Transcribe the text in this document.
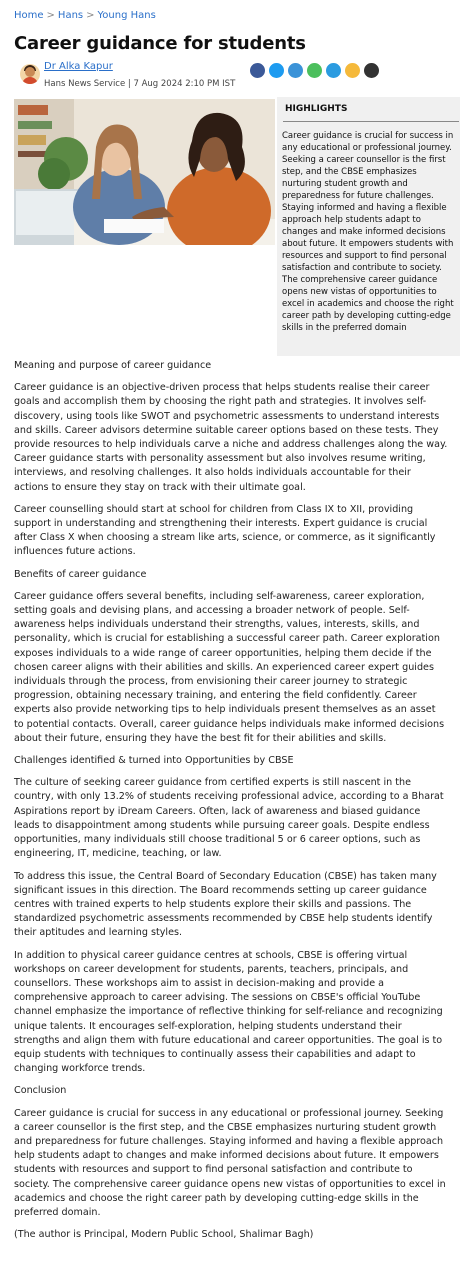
Home > Hans > Young Hans
Career guidance for students
Dr Alka Kapur
Hans News Service | 7 Aug 2024 2:10 PM IST
HIGHLIGHTS
Career guidance is crucial for success in any educational or professional journey. Seeking a career counsellor is the first step, and the CBSE emphasizes nurturing student growth and preparedness for future challenges. Staying informed and having a flexible approach help students adapt to changes and make informed decisions about future. It empowers students with resources and support to find personal satisfaction and contribute to society. The comprehensive career guidance opens new vistas of opportunities to excel in academics and choose the right career path by developing cutting-edge skills in the preferred domain
Meaning and purpose of career guidance

Career guidance is an objective-driven process that helps students realise their career goals and accomplish them by choosing the right path and strategies. It involves self-discovery, using tools like SWOT and psychometric assessments to understand interests and skills. Career advisors determine suitable career options based on these tests. They provide resources to help individuals carve a niche and address challenges along the way. Career guidance starts with personality assessment but also involves resume writing, interviews, and resolving challenges. It also holds individuals accountable for their actions to ensure they stay on track with their ultimate goal.

Career counselling should start at school for children from Class IX to XII, providing support in understanding and strengthening their interests. Expert guidance is crucial after Class X when choosing a stream like arts, science, or commerce, as it significantly influences future actions.

Benefits of career guidance

Career guidance offers several benefits, including self-awareness, career exploration, setting goals and devising plans, and accessing a broader network of people. Self-awareness helps individuals understand their strengths, values, interests, skills, and personality, which is crucial for establishing a successful career path. Career exploration exposes individuals to a wide range of career opportunities, helping them decide if the chosen career aligns with their abilities and skills. An experienced career expert guides individuals through the process, from envisioning their career journey to strategic progression, obtaining necessary training, and entering the field confidently. Career experts also provide networking tips to help individuals present themselves as an asset to potential contacts. Overall, career guidance helps individuals make informed decisions about their future, ensuring they have the best fit for their abilities and skills.

Challenges identified & turned into Opportunities by CBSE

The culture of seeking career guidance from certified experts is still nascent in the country, with only 13.2% of students receiving professional advice, according to a Bharat Aspirations report by iDream Careers. Often, lack of awareness and biased guidance leads to disappointment among students while pursuing career goals. Despite endless opportunities, many individuals still choose traditional 5 or 6 career options, such as engineering, IT, medicine, teaching, or law.

To address this issue, the Central Board of Secondary Education (CBSE) has taken many significant issues in this direction. The Board recommends setting up career guidance centres with trained experts to help students explore their skills and passions. The standardized psychometric assessments recommended by CBSE help students identify their aptitudes and learning styles.

In addition to physical career guidance centres at schools, CBSE is offering virtual workshops on career development for students, parents, teachers, principals, and counsellors. These workshops aim to assist in decision-making and provide a comprehensive approach to career advising. The sessions on CBSE's official YouTube channel emphasize the importance of reflective thinking for self-reliance and recognizing unique talents. It encourages self-exploration, helping students understand their strengths and align them with future educational and career opportunities. The goal is to equip students with techniques to continually assess their capabilities and adapt to changing workforce trends.

Conclusion

Career guidance is crucial for success in any educational or professional journey. Seeking a career counsellor is the first step, and the CBSE emphasizes nurturing student growth and preparedness for future challenges. Staying informed and having a flexible approach help students adapt to changes and make informed decisions about future. It empowers students with resources and support to find personal satisfaction and contribute to society. The comprehensive career guidance opens new vistas of opportunities to excel in academics and choose the right career path by developing cutting-edge skills in the preferred domain.

(The author is Principal, Modern Public School, Shalimar Bagh)
